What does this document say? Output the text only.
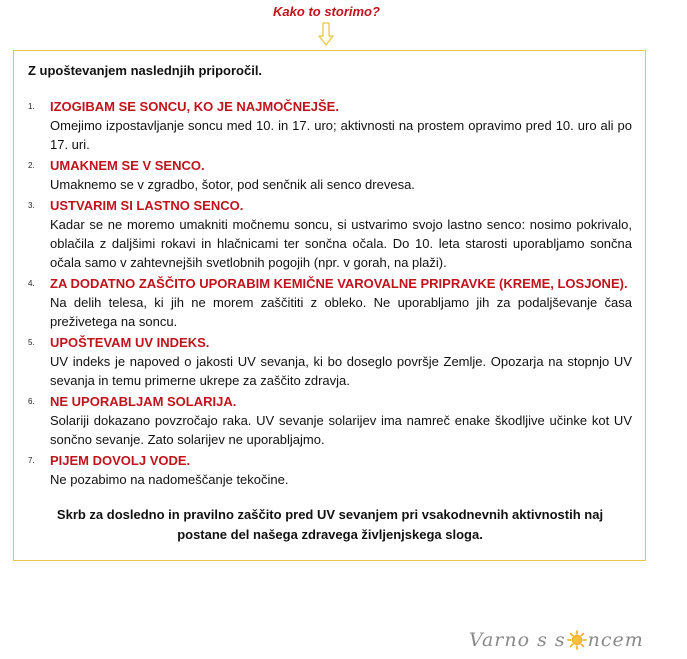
Kako to storimo?
Z upoštevanjem naslednjih priporočil.
1. IZOGIBAM SE SONCU, KO JE NAJMOČNEJŠE.
Omejimo izpostavljanje soncu med 10. in 17. uro; aktivnosti na prostem opravimo pred 10. uro ali po 17. uri.
2. UMAKNEM SE V SENCO.
Umaknemo se v zgradbo, šotor, pod senčnik ali senco drevesa.
3. USTVARIM SI LASTNO SENCO.
Kadar se ne moremo umakniti močnemu soncu, si ustvarimo svojo lastno senco: nosimo pokrivalo, oblačila z daljšimi rokavi in hlačnicami ter sončna očala. Do 10. leta starosti uporabljamo sončna očala samo v zahtevnejših svetlobnih pogojih (npr. v gorah, na plaži).
4. ZA DODATNO ZAŠČITO UPORABIM KEMIČNE VAROVALNE PRIPRAVKE (KREME, LOSJONE).
Na delih telesa, ki jih ne morem zaščititi z obleko. Ne uporabljamo jih za podaljševanje časa preživetega na soncu.
5. UPOŠTEVAM UV INDEKS.
UV indeks je napoved o jakosti UV sevanja, ki bo doseglo površje Zemlje. Opozarja na stopnjo UV sevanja in temu primerne ukrepe za zaščito zdravja.
6. NE UPORABLJAM SOLARIJA.
Solariji dokazano povzročajo raka. UV sevanje solarijev ima namreč enake škodljive učinke kot UV sončno sevanje. Zato solarijev ne uporabljajmo.
7. PIJEM DOVOLJ VODE.
Ne pozabimo na nadomeščanje tekočine.
Skrb za dosledno in pravilno zaščito pred UV sevanjem pri vsakodnevnih aktivnostih naj postane del našega zdravega življenjskega sloga.
Varno s s ncem
